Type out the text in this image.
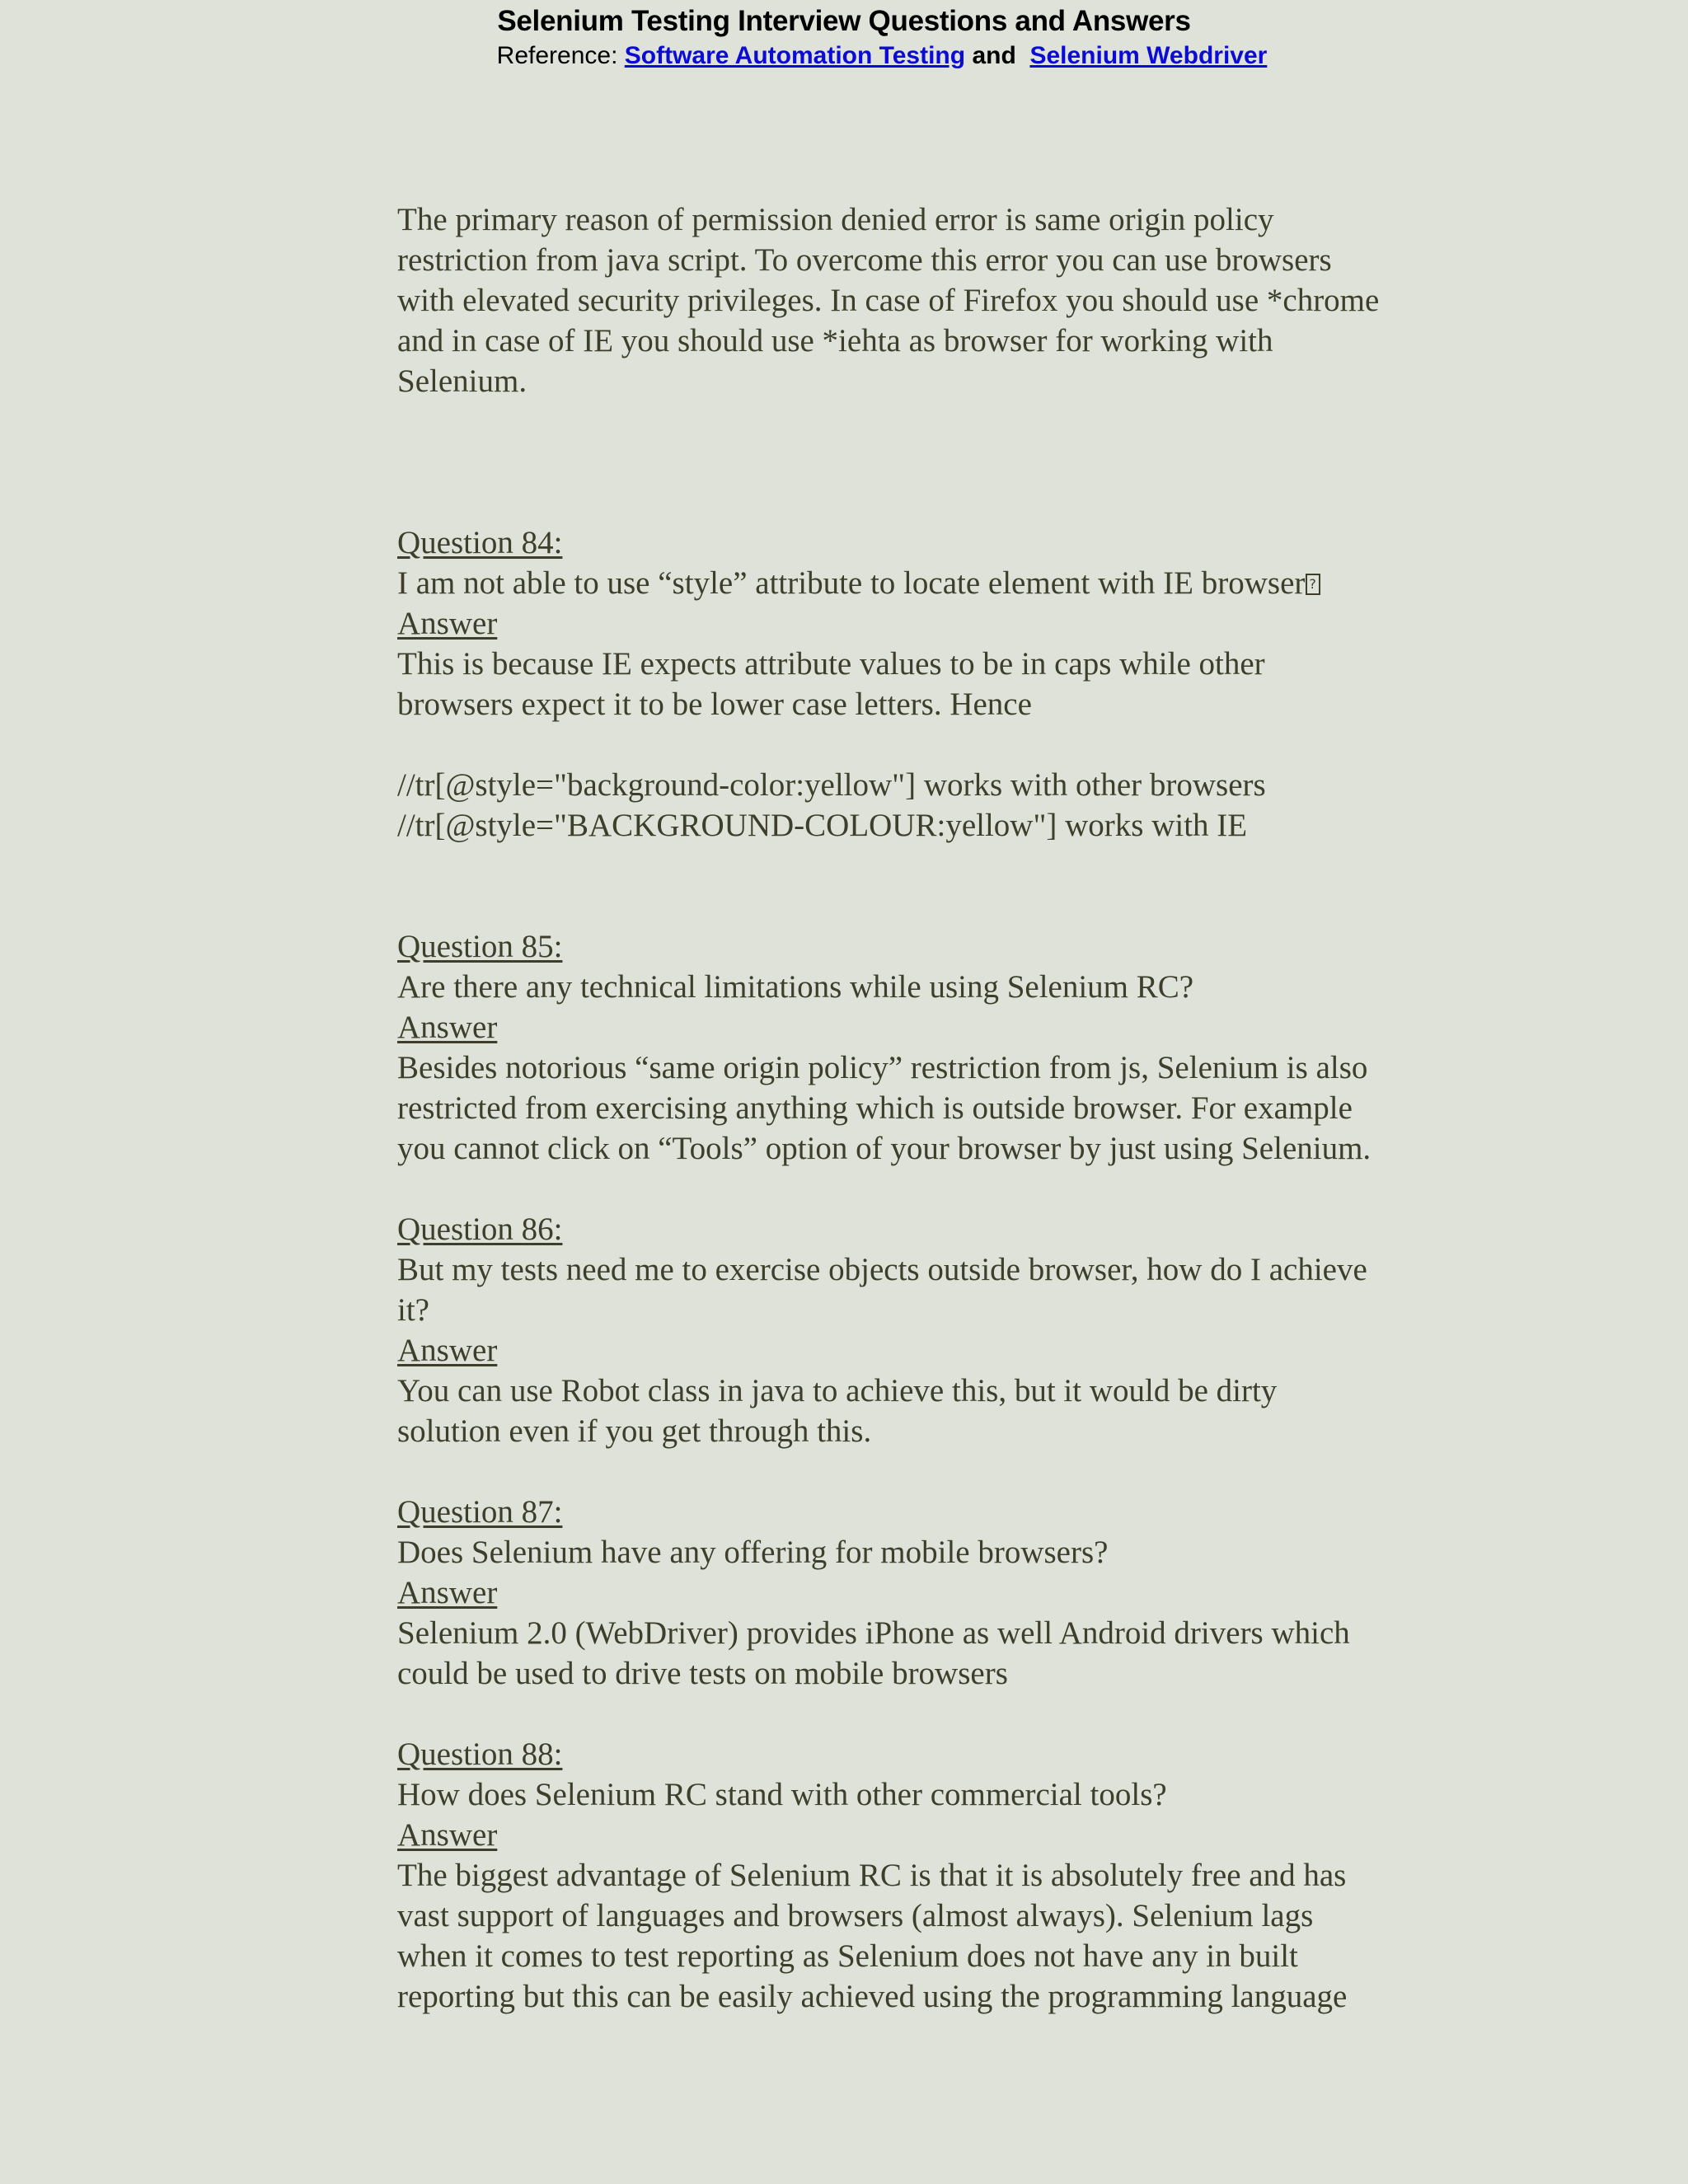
Selenium Testing Interview Questions and Answers
Reference: Software Automation Testing and Selenium Webdriver

The primary reason of permission denied error is same origin policy

restriction from java script. To overcome this error you can use browsers

with elevated security privileges. In case of Firefox you should use *chrome

and in case of IE you should use *iehta as browser for working with

Selenium.

Question 84:

I am not able to use “style” attribute to locate element with IE browser?

Answer

This is because IE expects attribute values to be in caps while other

browsers expect it to be lower case letters. Hence

//tr[@style="background-color:yellow"] works with other browsers

//tr[@style="BACKGROUND-COLOUR:yellow"] works with IE

Question 85:

Are there any technical limitations while using Selenium RC?

Answer

Besides notorious “same origin policy” restriction from js, Selenium is also

restricted from exercising anything which is outside browser. For example

you cannot click on “Tools” option of your browser by just using Selenium.

Question 86:

But my tests need me to exercise objects outside browser, how do I achieve

it?

Answer

You can use Robot class in java to achieve this, but it would be dirty

solution even if you get through this.

Question 87:

Does Selenium have any offering for mobile browsers?

Answer

Selenium 2.0 (WebDriver) provides iPhone as well Android drivers which

could be used to drive tests on mobile browsers

Question 88:

How does Selenium RC stand with other commercial tools?

Answer

The biggest advantage of Selenium RC is that it is absolutely free and has

vast support of languages and browsers (almost always). Selenium lags

when it comes to test reporting as Selenium does not have any in built

reporting but this can be easily achieved using the programming language
